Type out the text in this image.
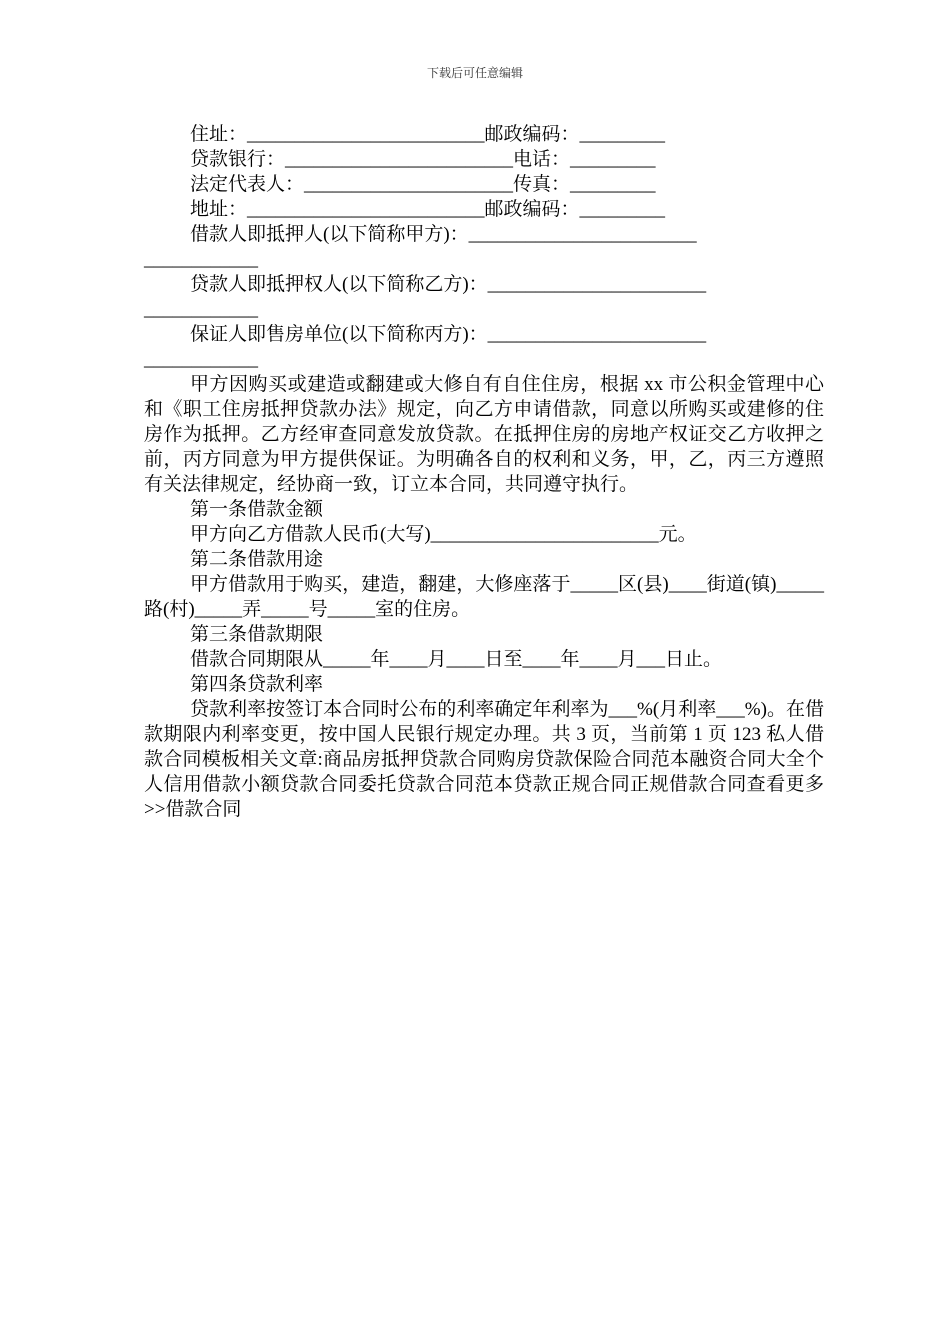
下载后可任意编辑
住址：_________________________邮政编码：_________
贷款银行：________________________电话：_________
法定代表人：______________________传真：_________
地址：_________________________邮政编码：_________
借款人即抵押人(以下简称甲方)：________________________
____________
贷款人即抵押权人(以下简称乙方)：_______________________
____________
保证人即售房单位(以下简称丙方)：_______________________
____________
甲方因购买或建造或翻建或大修自有自住住房，根据 xx 市公积金管理中心和《职工住房抵押贷款办法》规定，向乙方申请借款，同意以所购买或建修的住房作为抵押。乙方经审查同意发放贷款。在抵押住房的房地产权证交乙方收押之前，丙方同意为甲方提供保证。为明确各自的权利和义务，甲，乙，丙三方遵照有关法律规定，经协商一致，订立本合同，共同遵守执行。
第一条借款金额
甲方向乙方借款人民币(大写)________________________元。
第二条借款用途
甲方借款用于购买，建造，翻建，大修座落于_____区(县)____街道(镇)_____路(村)_____弄_____号_____室的住房。
第三条借款期限
借款合同期限从_____年____月____日至____年____月___日止。
第四条贷款利率
贷款利率按签订本合同时公布的利率确定年利率为___%(月利率___%)。在借款期限内利率变更，按中国人民银行规定办理。共 3 页，当前第 1 页 123 私人借款合同模板相关文章:商品房抵押贷款合同购房贷款保险合同范本融资合同大全个人信用借款小额贷款合同委托贷款合同范本贷款正规合同正规借款合同查看更多>>借款合同
